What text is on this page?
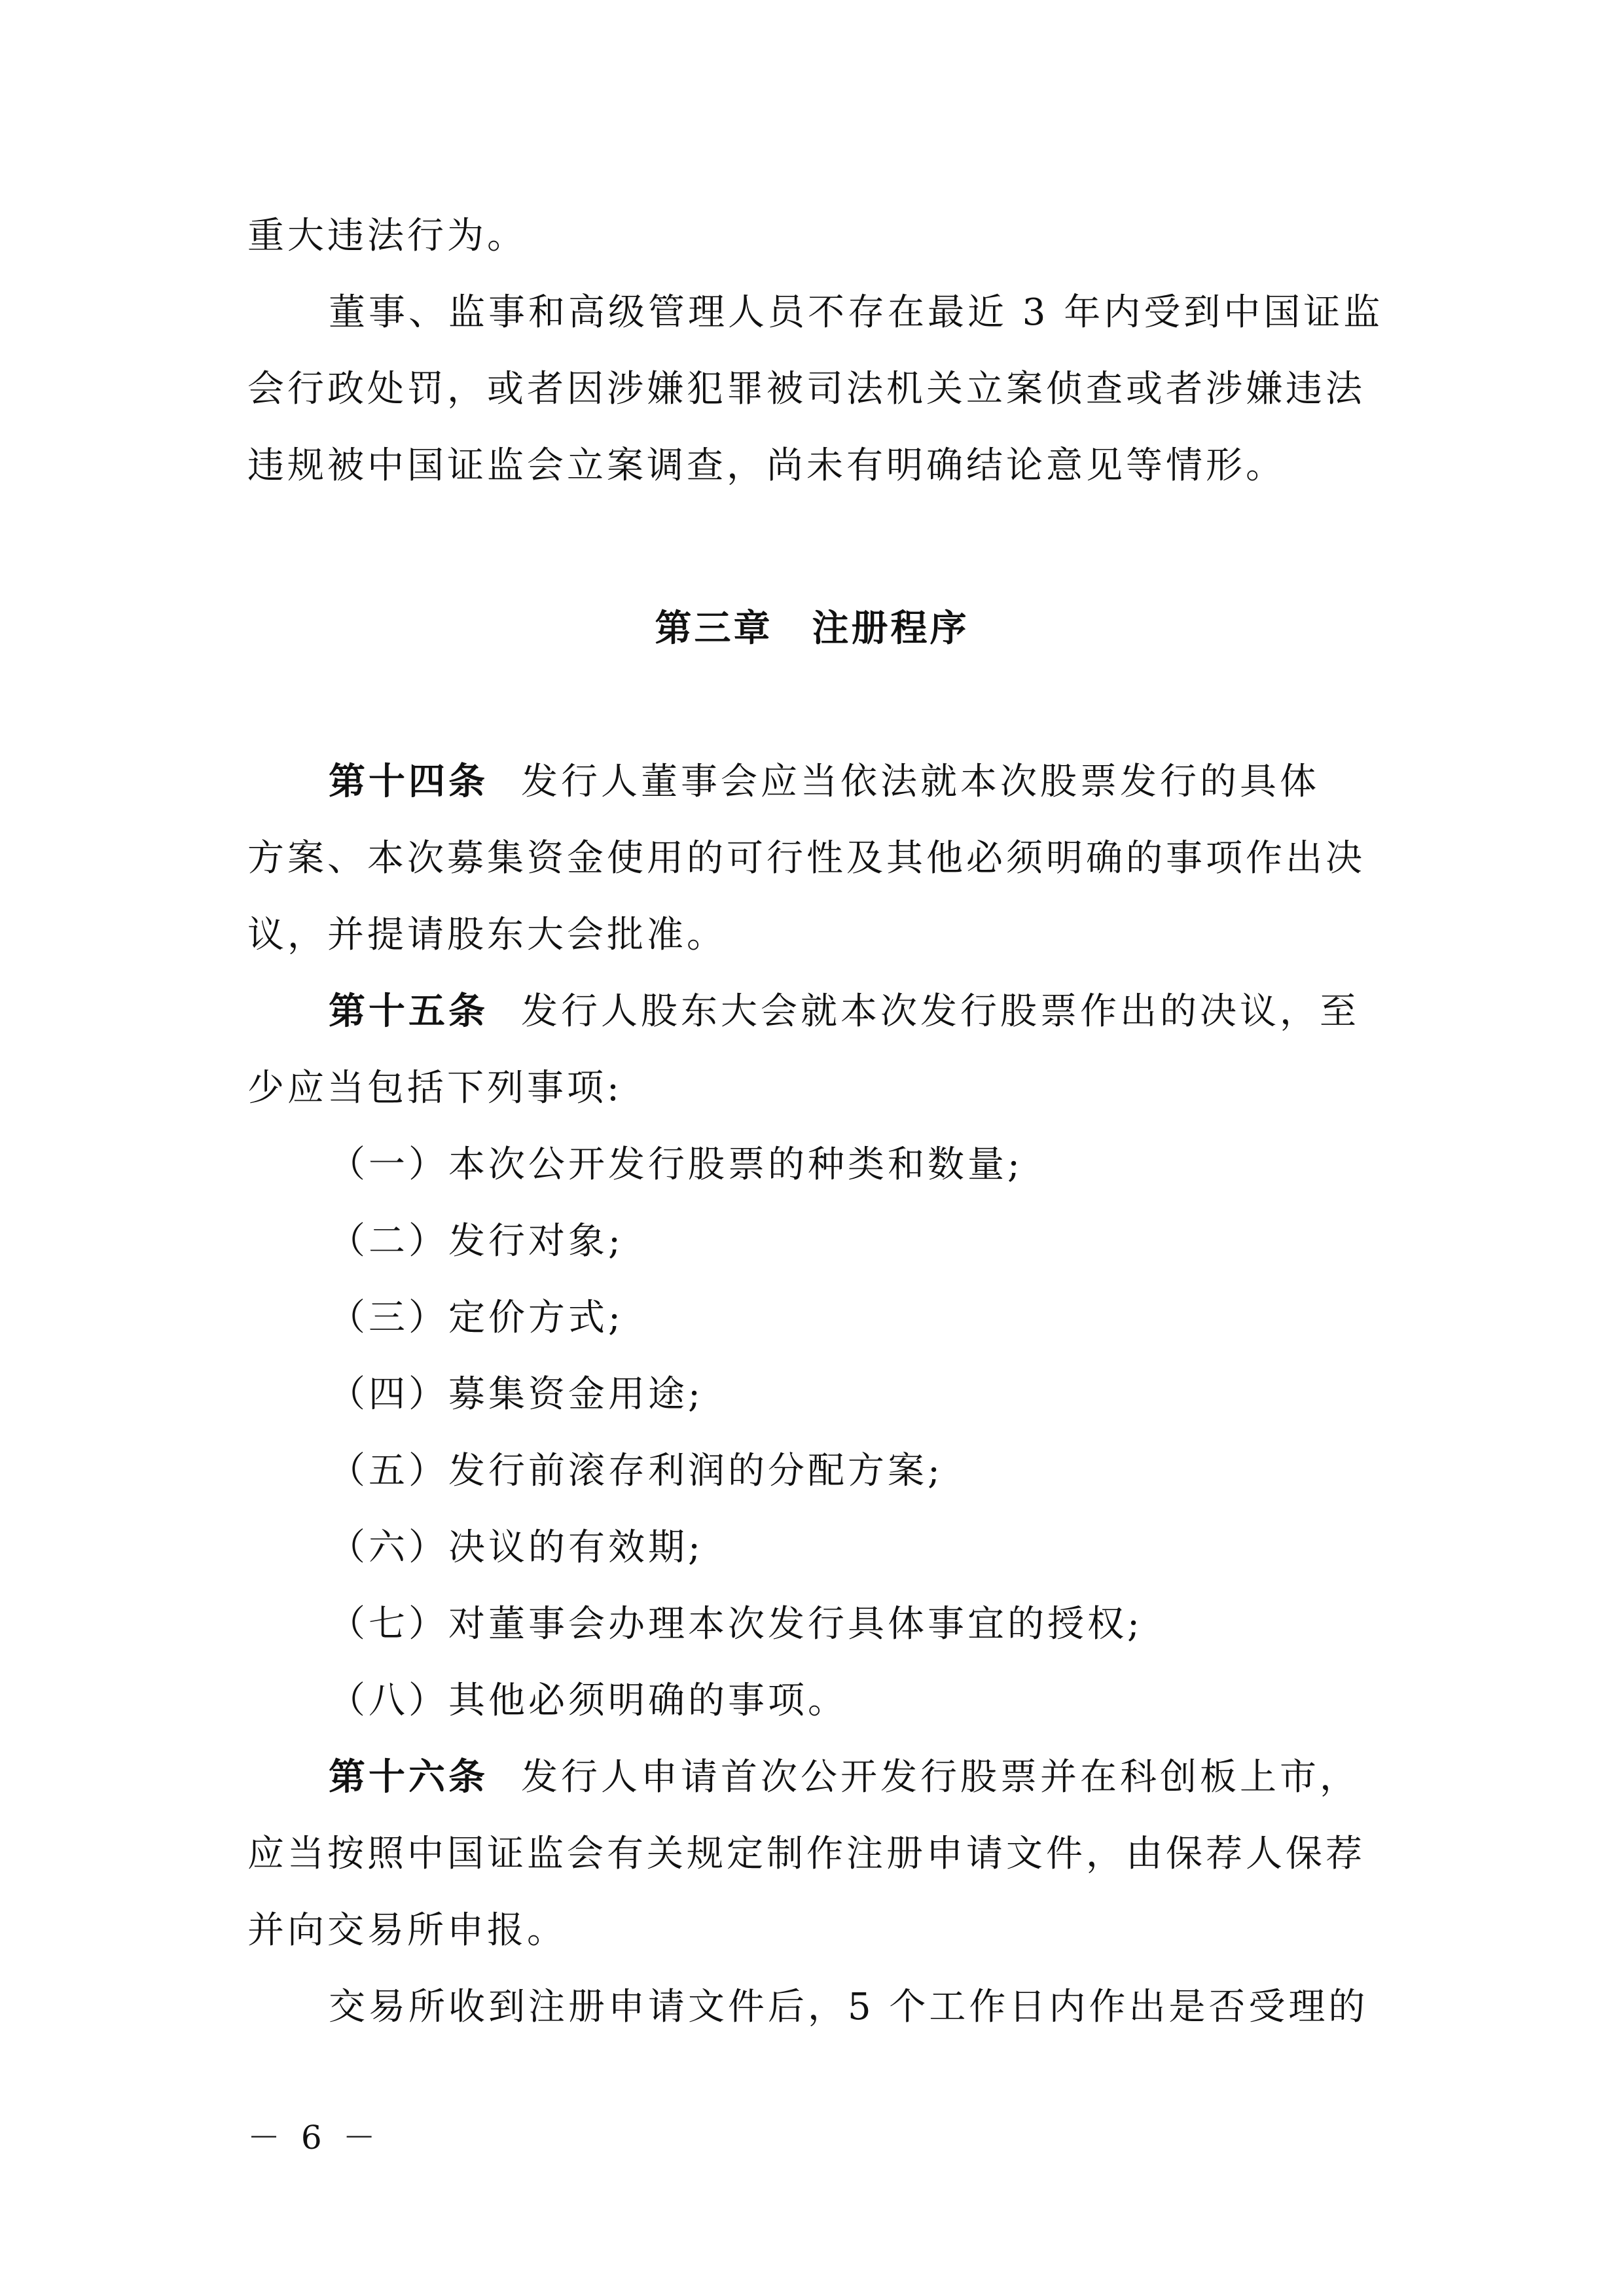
重大违法行为。
董事、监事和高级管理人员不存在最近 3 年内受到中国证监
会行政处罚，或者因涉嫌犯罪被司法机关立案侦查或者涉嫌违法
违规被中国证监会立案调查，尚未有明确结论意见等情形。
第三章 注册程序
第十四条 发行人董事会应当依法就本次股票发行的具体
方案、本次募集资金使用的可行性及其他必须明确的事项作出决
议，并提请股东大会批准。
第十五条 发行人股东大会就本次发行股票作出的决议，至
少应当包括下列事项:
（一）本次公开发行股票的种类和数量;
（二）发行对象;
（三）定价方式;
（四）募集资金用途;
（五）发行前滚存利润的分配方案;
（六）决议的有效期;
（七）对董事会办理本次发行具体事宜的授权;
（八）其他必须明确的事项。
第十六条 发行人申请首次公开发行股票并在科创板上市，
应当按照中国证监会有关规定制作注册申请文件，由保荐人保荐
并向交易所申报。
交易所收到注册申请文件后，5 个工作日内作出是否受理的
－ 6 －
